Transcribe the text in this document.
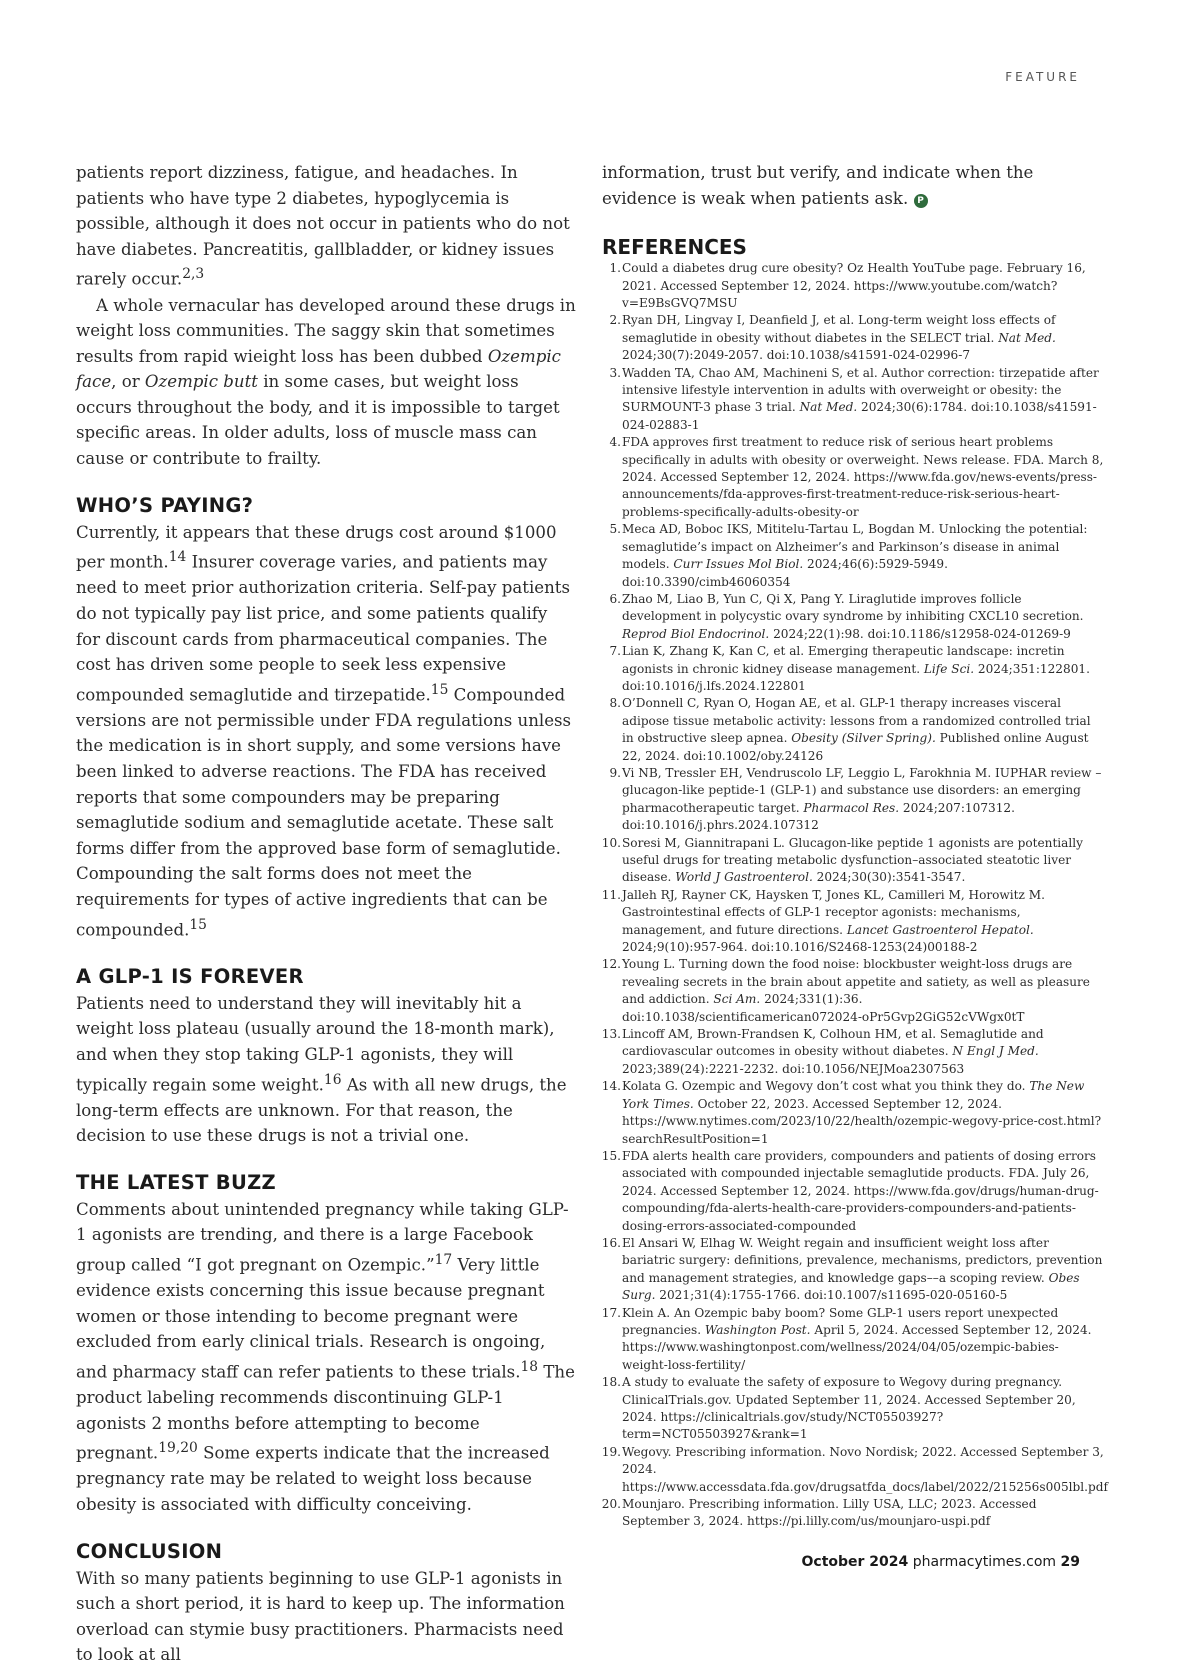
FEATURE

patients report dizziness, fatigue, and headaches. In patients who have type 2 diabetes, hypoglycemia is possible, although it does not occur in patients who do not have diabetes. Pancreatitis, gallbladder, or kidney issues rarely occur.$^{2,3}$

A whole vernacular has developed around these drugs in weight loss communities. The saggy skin that sometimes results from rapid wieight loss has been dubbed Ozempic face, or Ozempic butt in some cases, but weight loss occurs throughout the body, and it is impossible to target specific areas. In older adults, loss of muscle mass can cause or contribute to frailty.

WHO’S PAYING?

Currently, it appears that these drugs cost around $1000 per month.$^{14}$ Insurer coverage varies, and patients may need to meet prior authorization criteria. Self-pay patients do not typically pay list price, and some patients qualify for discount cards from pharmaceutical companies. The cost has driven some people to seek less expensive compounded semaglutide and tirzepatide.$^{15}$ Compounded versions are not permissible under FDA regulations unless the medication is in short supply, and some versions have been linked to adverse reactions. The FDA has received reports that some compounders may be preparing semaglutide sodium and semaglutide acetate. These salt forms differ from the approved base form of semaglutide. Compounding the salt forms does not meet the requirements for types of active ingredients that can be compounded.$^{15}$

A GLP-1 IS FOREVER

Patients need to understand they will inevitably hit a weight loss plateau (usually around the 18-month mark), and when they stop taking GLP-1 agonists, they will typically regain some weight.$^{16}$ As with all new drugs, the long-term effects are unknown. For that reason, the decision to use these drugs is not a trivial one.

THE LATEST BUZZ

Comments about unintended pregnancy while taking GLP-1 agonists are trending, and there is a large Facebook group called “I got pregnant on Ozempic.”$^{17}$ Very little evidence exists concerning this issue because pregnant women or those intending to become pregnant were excluded from early clinical trials. Research is ongoing, and pharmacy staff can refer patients to these trials.$^{18}$ The product labeling recommends discontinuing GLP-1 agonists 2 months before attempting to become pregnant.$^{19,20}$ Some experts indicate that the increased pregnancy rate may be related to weight loss because obesity is associated with difficulty conceiving.

CONCLUSION

With so many patients beginning to use GLP-1 agonists in such a short period, it is hard to keep up. The information overload can stymie busy practitioners. Pharmacists need to look at all

information, trust but verify, and indicate when the evidence is weak when patients ask. P

REFERENCES
1. Could a diabetes drug cure obesity? Oz Health YouTube page. February 16, 2021. Accessed September 12, 2024. https://www.youtube.com/watch?v=E9BsGVQ7MSU
2. Ryan DH, Lingvay I, Deanfield J, et al. Long-term weight loss effects of semaglutide in obesity without diabetes in the SELECT trial. Nat Med. 2024;30(7):2049-2057. doi:10.1038/s41591-024-02996-7
3. Wadden TA, Chao AM, Machineni S, et al. Author correction: tirzepatide after intensive lifestyle intervention in adults with overweight or obesity: the SURMOUNT-3 phase 3 trial. Nat Med. 2024;30(6):1784. doi:10.1038/s41591-024-02883-1
4. FDA approves first treatment to reduce risk of serious heart problems specifically in adults with obesity or overweight. News release. FDA. March 8, 2024. Accessed September 12, 2024. https://www.fda.gov/news-events/press-announcements/fda-approves-first-treatment-reduce-risk-serious-heart-problems-specifically-adults-obesity-or
5. Meca AD, Boboc IKS, Mititelu-Tartau L, Bogdan M. Unlocking the potential: semaglutide’s impact on Alzheimer’s and Parkinson’s disease in animal models. Curr Issues Mol Biol. 2024;46(6):5929-5949. doi:10.3390/cimb46060354
6. Zhao M, Liao B, Yun C, Qi X, Pang Y. Liraglutide improves follicle development in polycystic ovary syndrome by inhibiting CXCL10 secretion. Reprod Biol Endocrinol. 2024;22(1):98. doi:10.1186/s12958-024-01269-9
7. Lian K, Zhang K, Kan C, et al. Emerging therapeutic landscape: incretin agonists in chronic kidney disease management. Life Sci. 2024;351:122801. doi:10.1016/j.lfs.2024.122801
8. O’Donnell C, Ryan O, Hogan AE, et al. GLP-1 therapy increases visceral adipose tissue metabolic activity: lessons from a randomized controlled trial in obstructive sleep apnea. Obesity (Silver Spring). Published online August 22, 2024. doi:10.1002/oby.24126
9. Vi NB, Tressler EH, Vendruscolo LF, Leggio L, Farokhnia M. IUPHAR review – glucagon-like peptide-1 (GLP-1) and substance use disorders: an emerging pharmacotherapeutic target. Pharmacol Res. 2024;207:107312. doi:10.1016/j.phrs.2024.107312
10. Soresi M, Giannitrapani L. Glucagon-like peptide 1 agonists are potentially useful drugs for treating metabolic dysfunction–associated steatotic liver disease. World J Gastroenterol. 2024;30(30):3541-3547.
11. Jalleh RJ, Rayner CK, Haysken T, Jones KL, Camilleri M, Horowitz M. Gastrointestinal effects of GLP-1 receptor agonists: mechanisms, management, and future directions. Lancet Gastroenterol Hepatol. 2024;9(10):957-964. doi:10.1016/S2468-1253(24)00188-2
12. Young L. Turning down the food noise: blockbuster weight-loss drugs are revealing secrets in the brain about appetite and satiety, as well as pleasure and addiction. Sci Am. 2024;331(1):36. doi:10.1038/scientificamerican072024-oPr5Gvp2GiG52cVWgx0tT
13. Lincoff AM, Brown-Frandsen K, Colhoun HM, et al. Semaglutide and cardiovascular outcomes in obesity without diabetes. N Engl J Med. 2023;389(24):2221-2232. doi:10.1056/NEJMoa2307563
14. Kolata G. Ozempic and Wegovy don’t cost what you think they do. The New York Times. October 22, 2023. Accessed September 12, 2024. https://www.nytimes.com/2023/10/22/health/ozempic-wegovy-price-cost.html?searchResultPosition=1
15. FDA alerts health care providers, compounders and patients of dosing errors associated with compounded injectable semaglutide products. FDA. July 26, 2024. Accessed September 12, 2024. https://www.fda.gov/drugs/human-drug-compounding/fda-alerts-health-care-providers-compounders-and-patients-dosing-errors-associated-compounded
16. El Ansari W, Elhag W. Weight regain and insufficient weight loss after bariatric surgery: definitions, prevalence, mechanisms, predictors, prevention and management strategies, and knowledge gaps––a scoping review. Obes Surg. 2021;31(4):1755-1766. doi:10.1007/s11695-020-05160-5
17. Klein A. An Ozempic baby boom? Some GLP-1 users report unexpected pregnancies. Washington Post. April 5, 2024. Accessed September 12, 2024. https://www.washingtonpost.com/wellness/2024/04/05/ozempic-babies-weight-loss-fertility/
18. A study to evaluate the safety of exposure to Wegovy during pregnancy. ClinicalTrials.gov. Updated September 11, 2024. Accessed September 20, 2024. https://clinicaltrials.gov/study/NCT05503927?term=NCT05503927&rank=1
19. Wegovy. Prescribing information. Novo Nordisk; 2022. Accessed September 3, 2024. https://www.accessdata.fda.gov/drugsatfda_docs/label/2022/215256s005lbl.pdf
20. Mounjaro. Prescribing information. Lilly USA, LLC; 2023. Accessed September 3, 2024. https://pi.lilly.com/us/mounjaro-uspi.pdf
October 2024 pharmacytimes.com 29
